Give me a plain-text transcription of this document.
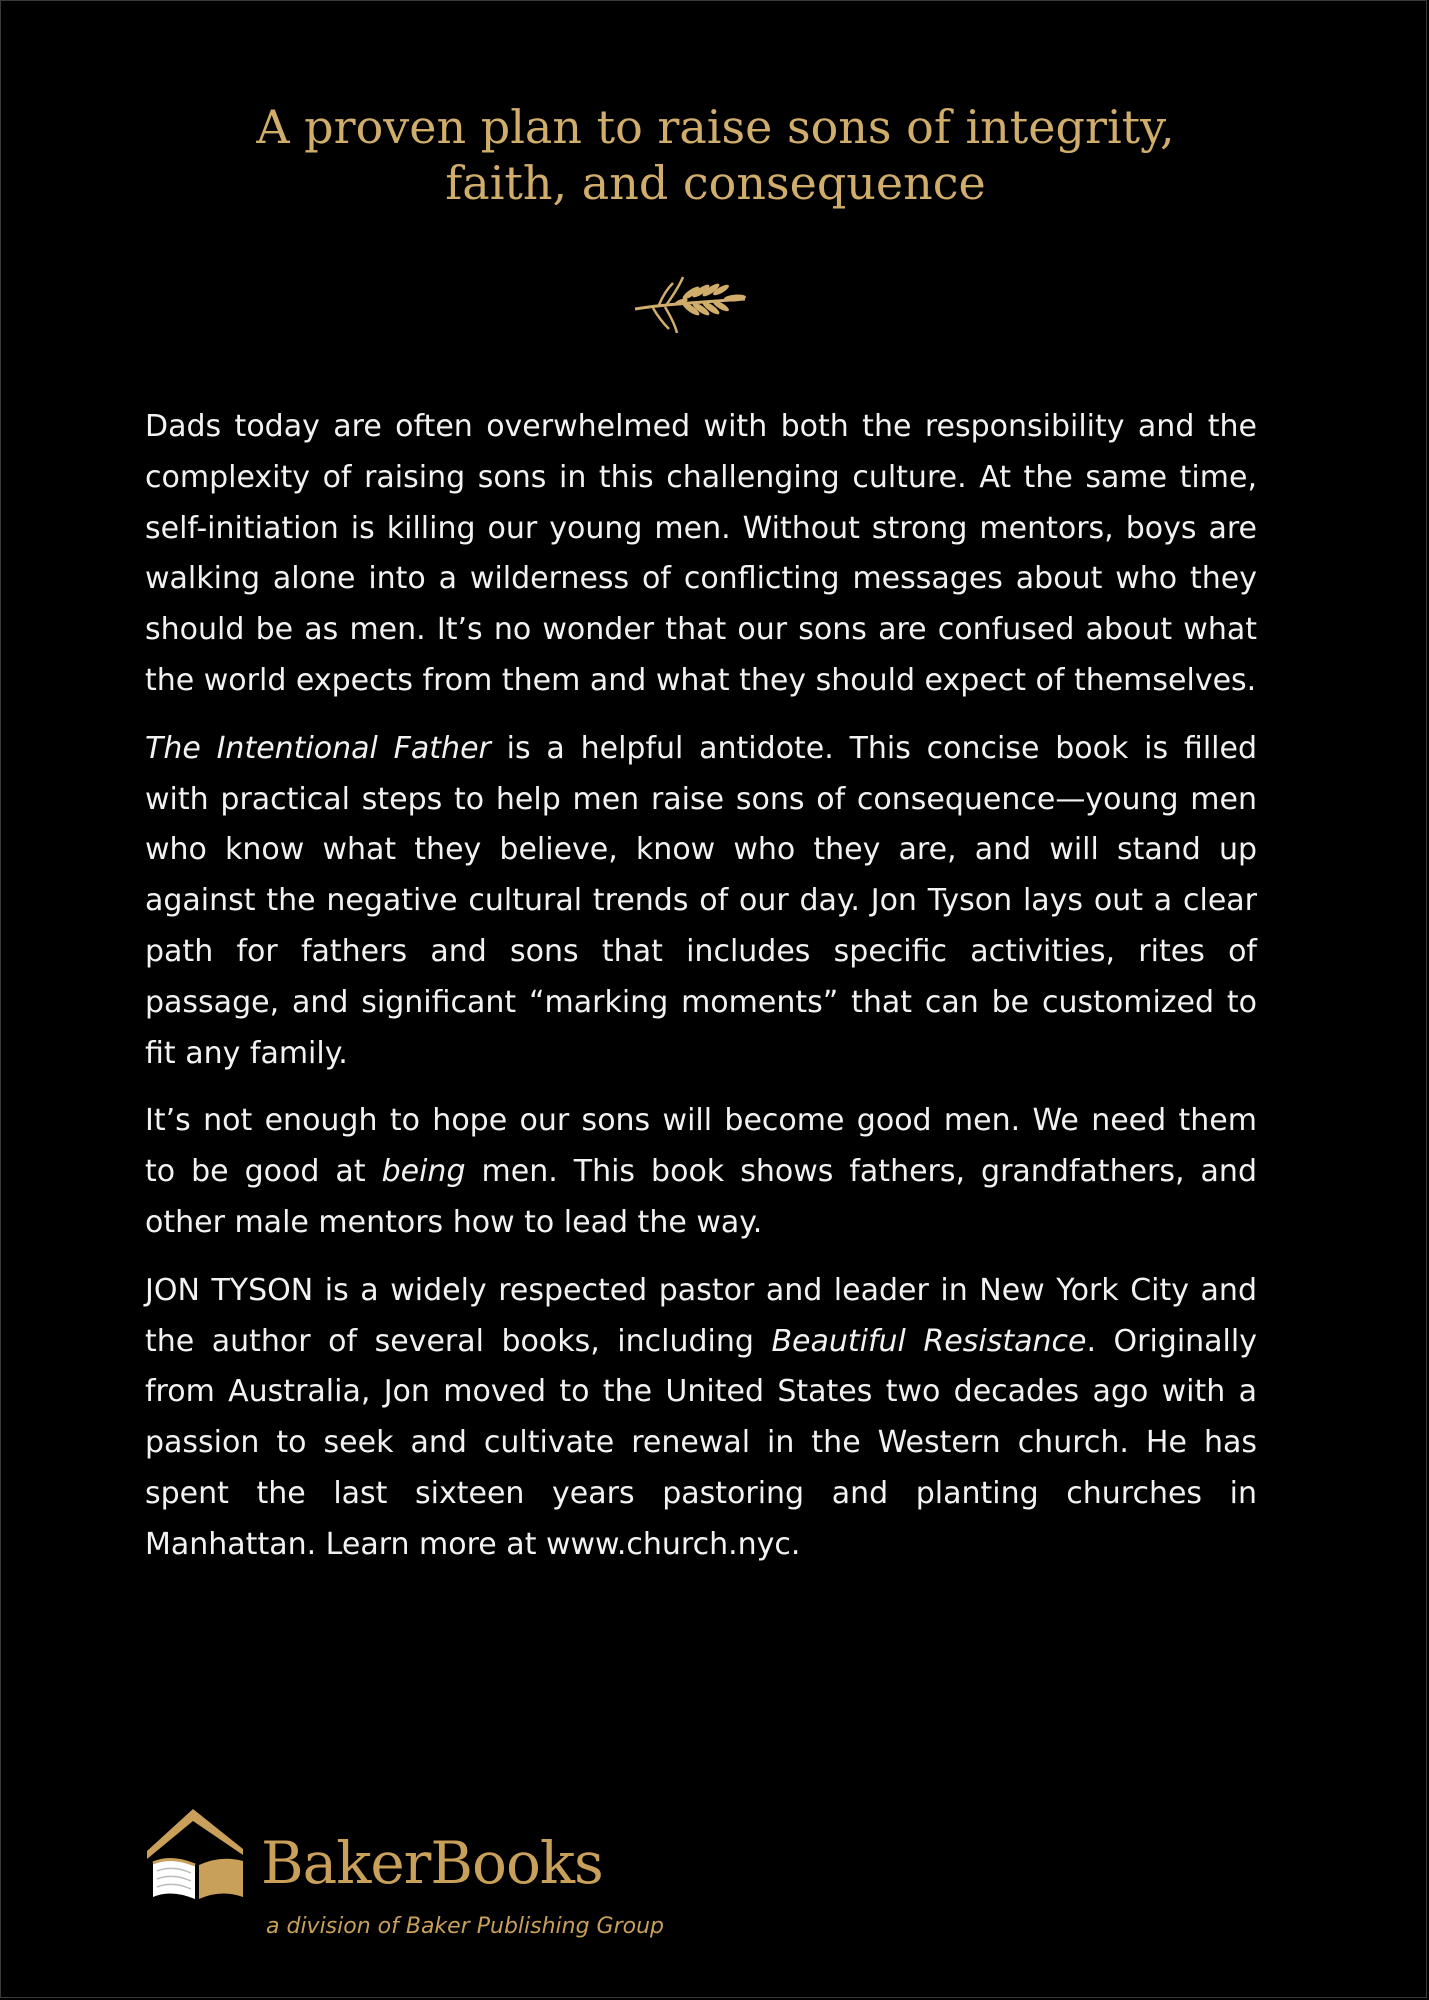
A proven plan to raise sons of integrity,
faith, and consequence

Dads today are often overwhelmed with both the responsibility and the complexity of raising sons in this challenging culture. At the same time, self-initiation is killing our young men. Without strong mentors, boys are walking alone into a wilderness of conflicting messages about who they should be as men. It’s no wonder that our sons are confused about what the world expects from them and what they should expect of themselves.

The Intentional Father is a helpful antidote. This concise book is filled with practical steps to help men raise sons of consequence—young men who know what they believe, know who they are, and will stand up against the negative cultural trends of our day. Jon Tyson lays out a clear path for fathers and sons that includes specific activities, rites of passage, and significant “marking moments” that can be customized to fit any family.

It’s not enough to hope our sons will become good men. We need them to be good at being men. This book shows fathers, grandfathers, and other male mentors how to lead the way.

JON TYSON is a widely respected pastor and leader in New York City and the author of several books, including Beautiful Resistance. Originally from Australia, Jon moved to the United States two decades ago with a passion to seek and cultivate renewal in the Western church. He has spent the last sixteen years pastoring and planting churches in Manhattan. Learn more at www.church.nyc.

BakerBooks
a division of Baker Publishing Group
